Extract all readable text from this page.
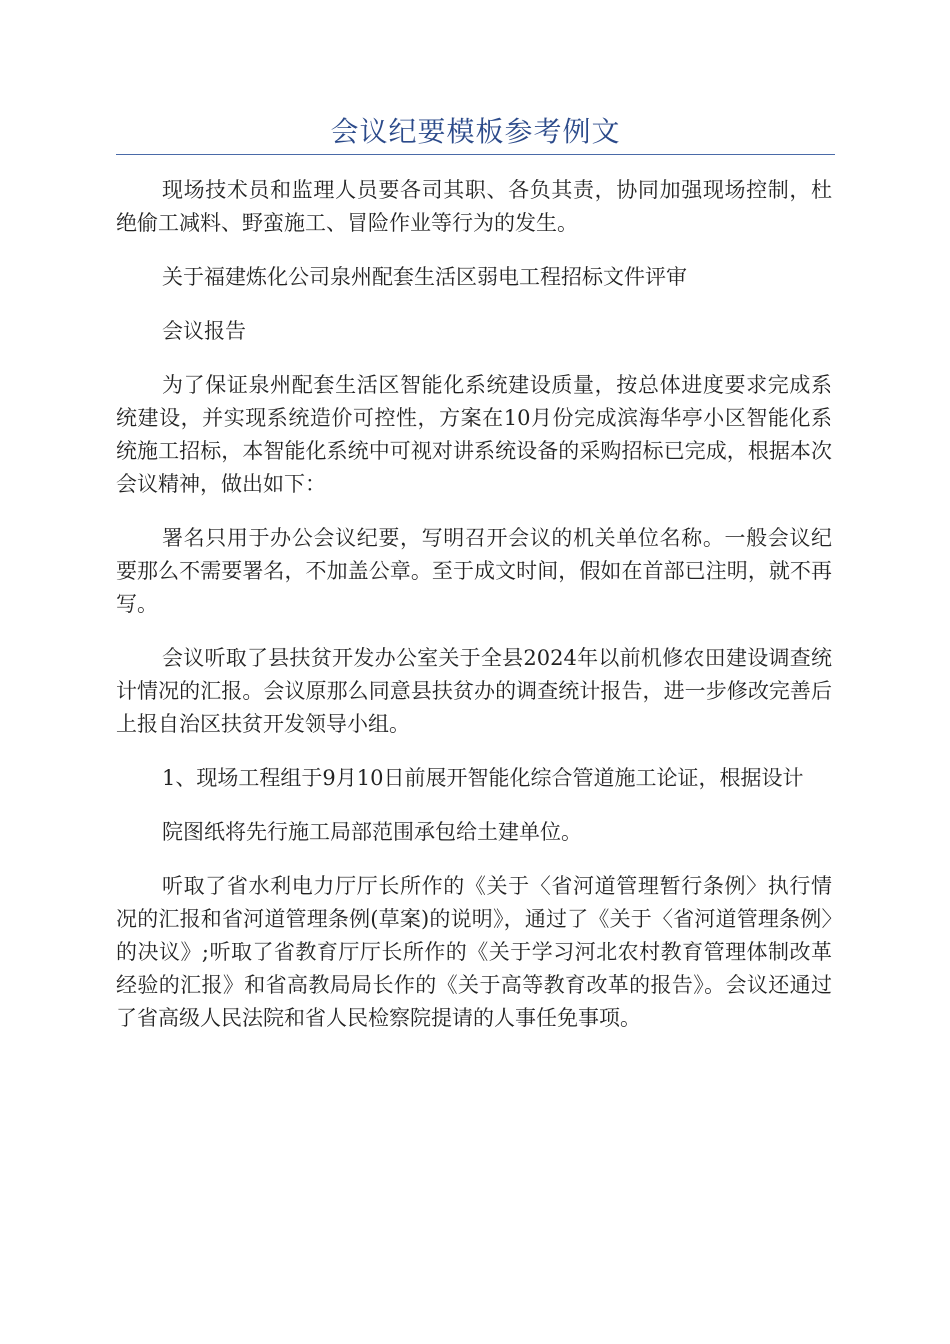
会议纪要模板参考例文

现场技术员和监理人员要各司其职、各负其责，协同加强现场控制，杜绝偷工减料、野蛮施工、冒险作业等行为的发生。

关于福建炼化公司泉州配套生活区弱电工程招标文件评审

会议报告

为了保证泉州配套生活区智能化系统建设质量，按总体进度要求完成系统建设，并实现系统造价可控性，方案在10月份完成滨海华亭小区智能化系统施工招标，本智能化系统中可视对讲系统设备的采购招标已完成，根据本次会议精神，做出如下：

署名只用于办公会议纪要，写明召开会议的机关单位名称。一般会议纪要那么不需要署名，不加盖公章。至于成文时间，假如在首部已注明，就不再写。

会议听取了县扶贫开发办公室关于全县2024年以前机修农田建设调查统计情况的汇报。会议原那么同意县扶贫办的调查统计报告，进一步修改完善后上报自治区扶贫开发领导小组。

1、现场工程组于9月10日前展开智能化综合管道施工论证，根据设计

院图纸将先行施工局部范围承包给土建单位。

听取了省水利电力厅厅长所作的《关于〈省河道管理暂行条例〉执行情况的汇报和省河道管理条例(草案)的说明》，通过了《关于〈省河道管理条例〉的决议》;听取了省教育厅厅长所作的《关于学习河北农村教育管理体制改革经验的汇报》和省高教局局长作的《关于高等教育改革的报告》。会议还通过了省高级人民法院和省人民检察院提请的人事任免事项。
